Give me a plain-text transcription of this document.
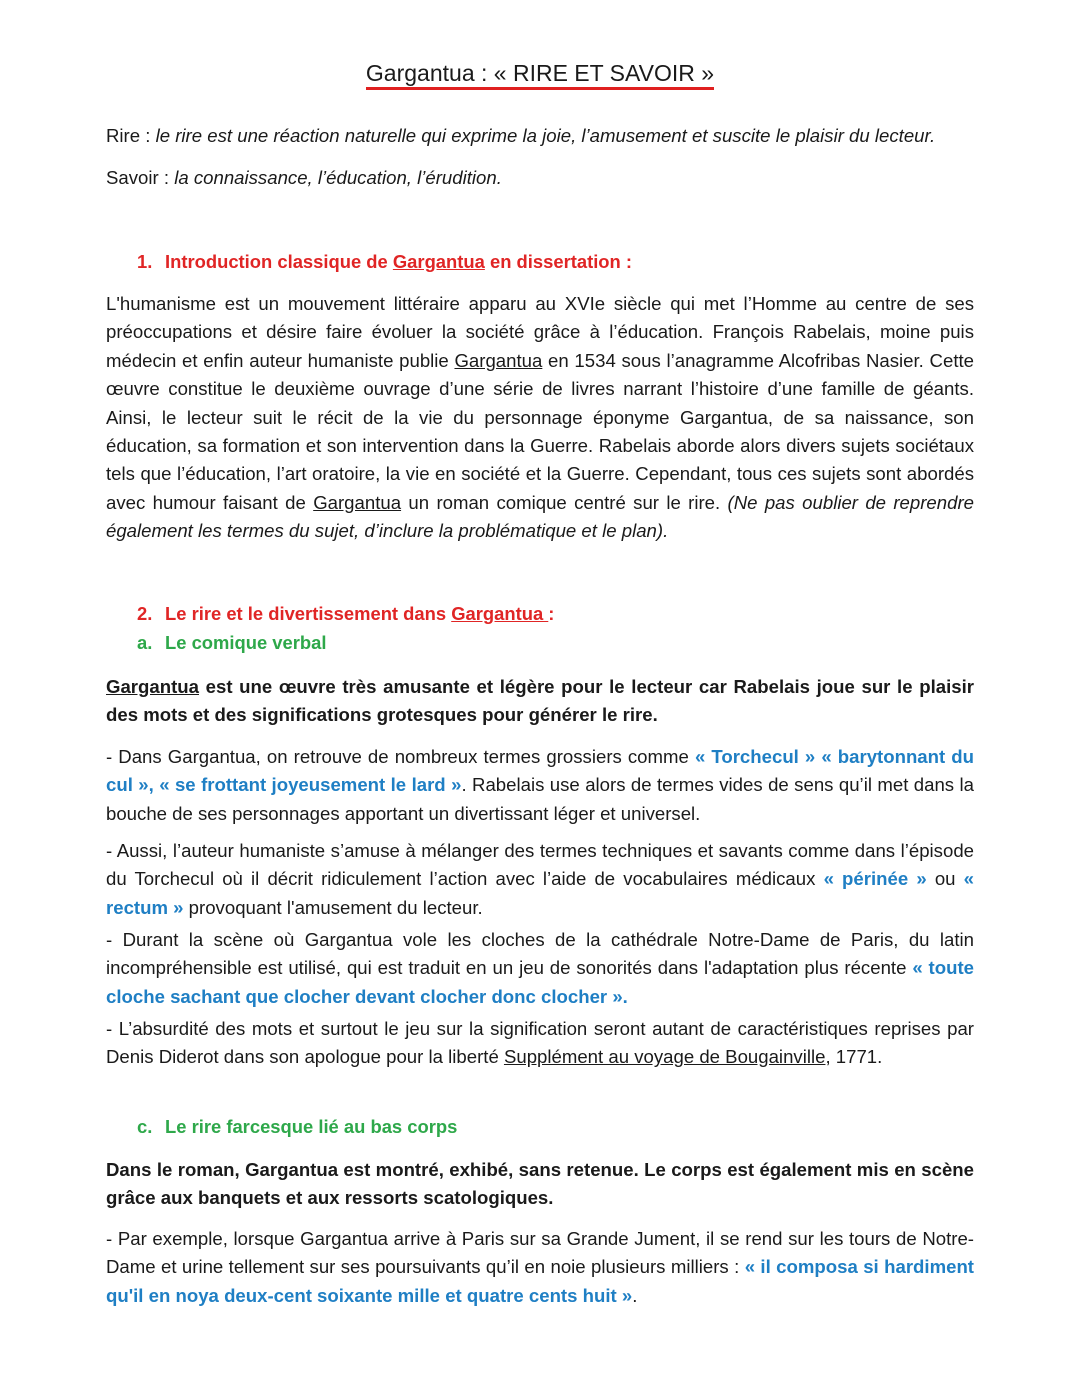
Gargantua : « RIRE ET SAVOIR »
Rire : le rire est une réaction naturelle qui exprime la joie, l’amusement et suscite le plaisir du lecteur.
Savoir : la connaissance, l’éducation, l’érudition.
1. Introduction classique de Gargantua en dissertation :
L'humanisme est un mouvement littéraire apparu au XVIe siècle qui met l’Homme au centre de ses préoccupations et désire faire évoluer la société grâce à l’éducation. François Rabelais, moine puis médecin et enfin auteur humaniste publie Gargantua en 1534 sous l’anagramme Alcofribas Nasier. Cette œuvre constitue le deuxième ouvrage d’une série de livres narrant l’histoire d’une famille de géants. Ainsi, le lecteur suit le récit de la vie du personnage éponyme Gargantua, de sa naissance, son éducation, sa formation et son intervention dans la Guerre. Rabelais aborde alors divers sujets sociétaux tels que l’éducation, l’art oratoire, la vie en société et la Guerre. Cependant, tous ces sujets sont abordés avec humour faisant de Gargantua un roman comique centré sur le rire. (Ne pas oublier de reprendre également les termes du sujet, d’inclure la problématique et le plan).
2. Le rire et le divertissement dans Gargantua :
a. Le comique verbal
Gargantua est une œuvre très amusante et légère pour le lecteur car Rabelais joue sur le plaisir des mots et des significations grotesques pour générer le rire.
- Dans Gargantua, on retrouve de nombreux termes grossiers comme « Torchecul » « barytonnant du cul », « se frottant joyeusement le lard ». Rabelais use alors de termes vides de sens qu’il met dans la bouche de ses personnages apportant un divertissant léger et universel.
- Aussi, l’auteur humaniste s’amuse à mélanger des termes techniques et savants comme dans l’épisode du Torchecul où il décrit ridiculement l’action avec l’aide de vocabulaires médicaux « périnée » ou « rectum » provoquant l'amusement du lecteur.
- Durant la scène où Gargantua vole les cloches de la cathédrale Notre-Dame de Paris, du latin incompréhensible est utilisé, qui est traduit en un jeu de sonorités dans l'adaptation plus récente « toute cloche sachant que clocher devant clocher donc clocher ».
- L’absurdité des mots et surtout le jeu sur la signification seront autant de caractéristiques reprises par Denis Diderot dans son apologue pour la liberté Supplément au voyage de Bougainville, 1771.
c. Le rire farcesque lié au bas corps
Dans le roman, Gargantua est montré, exhibé, sans retenue. Le corps est également mis en scène grâce aux banquets et aux ressorts scatologiques.
- Par exemple, lorsque Gargantua arrive à Paris sur sa Grande Jument, il se rend sur les tours de Notre-Dame et urine tellement sur ses poursuivants qu’il en noie plusieurs milliers : « il composa si hardiment qu'il en noya deux-cent soixante mille et quatre cents huit ».
